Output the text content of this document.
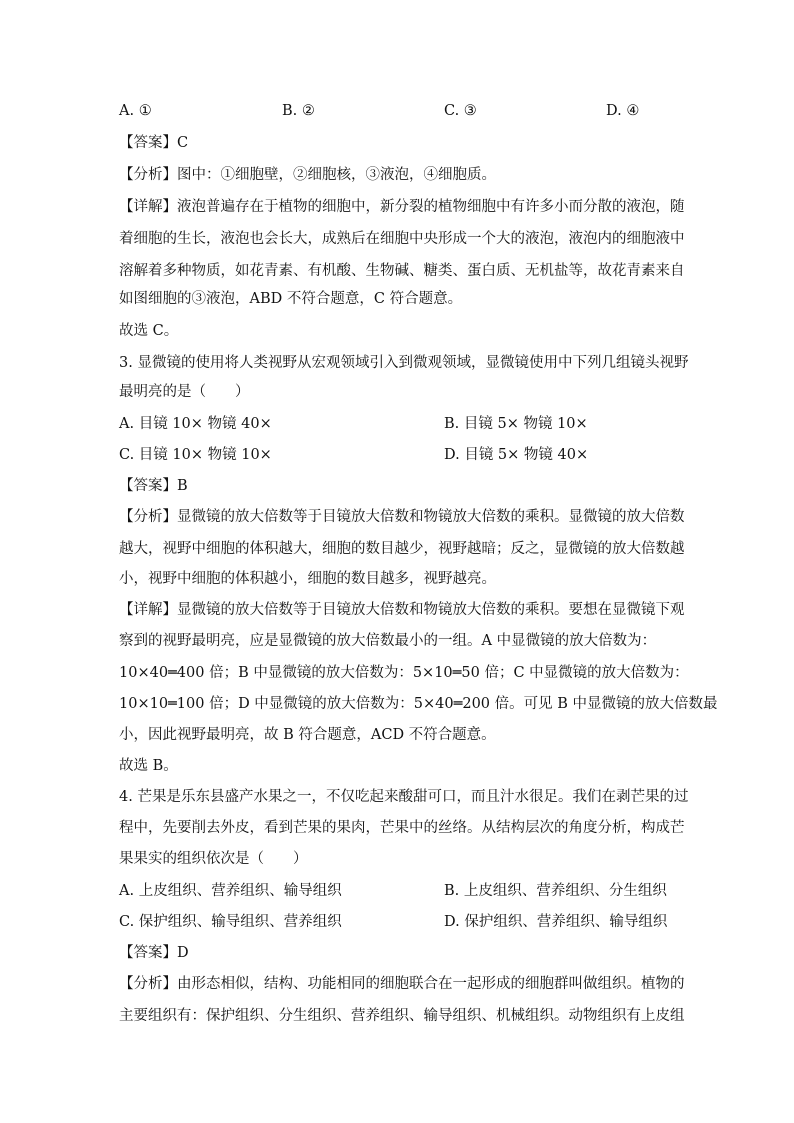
A. ①	B. ②	C. ③	D. ④
【答案】C
【分析】图中：①细胞壁，②细胞核，③液泡，④细胞质。
【详解】液泡普遍存在于植物的细胞中，新分裂的植物细胞中有许多小而分散的液泡，随
着细胞的生长，液泡也会长大，成熟后在细胞中央形成一个大的液泡，液泡内的细胞液中
溶解着多种物质，如花青素、有机酸、生物碱、糖类、蛋白质、无机盐等，故花青素来自
如图细胞的③液泡，ABD 不符合题意，C 符合题意。
故选 C。
3. 显微镜的使用将人类视野从宏观领域引入到微观领域，显微镜使用中下列几组镜头视野
最明亮的是（　　）
A. 目镜 10× 物镜 40×	B. 目镜 5× 物镜 10×
C. 目镜 10× 物镜 10×	D. 目镜 5× 物镜 40×
【答案】B
【分析】显微镜的放大倍数等于目镜放大倍数和物镜放大倍数的乘积。显微镜的放大倍数
越大，视野中细胞的体积越大，细胞的数目越少，视野越暗；反之，显微镜的放大倍数越
小，视野中细胞的体积越小，细胞的数目越多，视野越亮。
【详解】显微镜的放大倍数等于目镜放大倍数和物镜放大倍数的乘积。要想在显微镜下观
察到的视野最明亮，应是显微镜的放大倍数最小的一组。A 中显微镜的放大倍数为：
10×40═400 倍；B 中显微镜的放大倍数为：5×10═50 倍；C 中显微镜的放大倍数为：
10×10═100 倍；D 中显微镜的放大倍数为：5×40═200 倍。可见 B 中显微镜的放大倍数最
小，因此视野最明亮，故 B 符合题意，ACD 不符合题意。
故选 B。
4. 芒果是乐东县盛产水果之一，不仅吃起来酸甜可口，而且汁水很足。我们在剥芒果的过
程中，先要削去外皮，看到芒果的果肉，芒果中的丝络。从结构层次的角度分析，构成芒
果果实的组织依次是（　　）
A. 上皮组织、营养组织、输导组织	B. 上皮组织、营养组织、分生组织
C. 保护组织、输导组织、营养组织	D. 保护组织、营养组织、输导组织
【答案】D
【分析】由形态相似，结构、功能相同的细胞联合在一起形成的细胞群叫做组织。植物的
主要组织有：保护组织、分生组织、营养组织、输导组织、机械组织。动物组织有上皮组
